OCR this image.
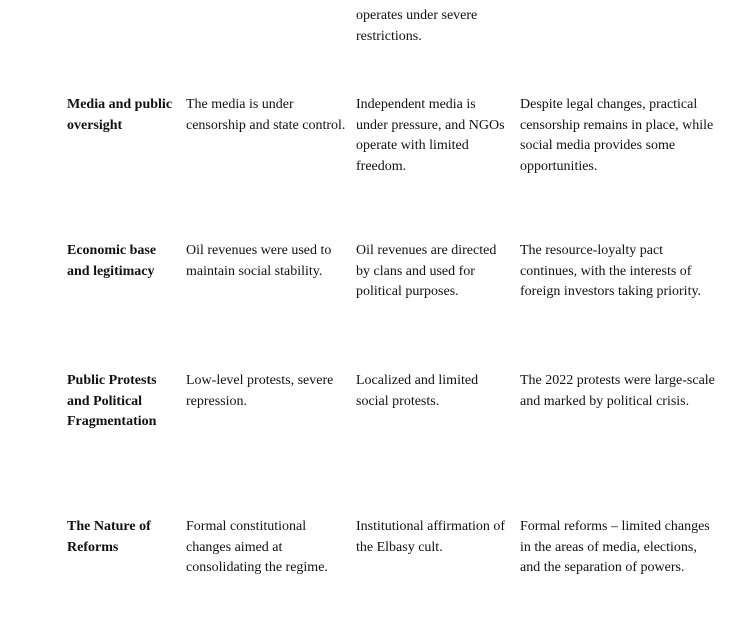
operates under severe restrictions.

Media and public oversight

The media is under censorship and state control.

Independent media is under pressure, and NGOs operate with limited freedom.

Despite legal changes, practical censorship remains in place, while social media provides some opportunities.

Economic base and legitimacy

Oil revenues were used to maintain social stability.

Oil revenues are directed by clans and used for political purposes.

The resource-loyalty pact continues, with the interests of foreign investors taking priority.

Public Protests and Political Fragmentation

Low-level protests, severe repression.

Localized and limited social protests.

The 2022 protests were large-scale and marked by political crisis.

The Nature of Reforms

Formal constitutional changes aimed at consolidating the regime.

Institutional affirmation of the Elbasy cult.

Formal reforms – limited changes in the areas of media, elections, and the separation of powers.
